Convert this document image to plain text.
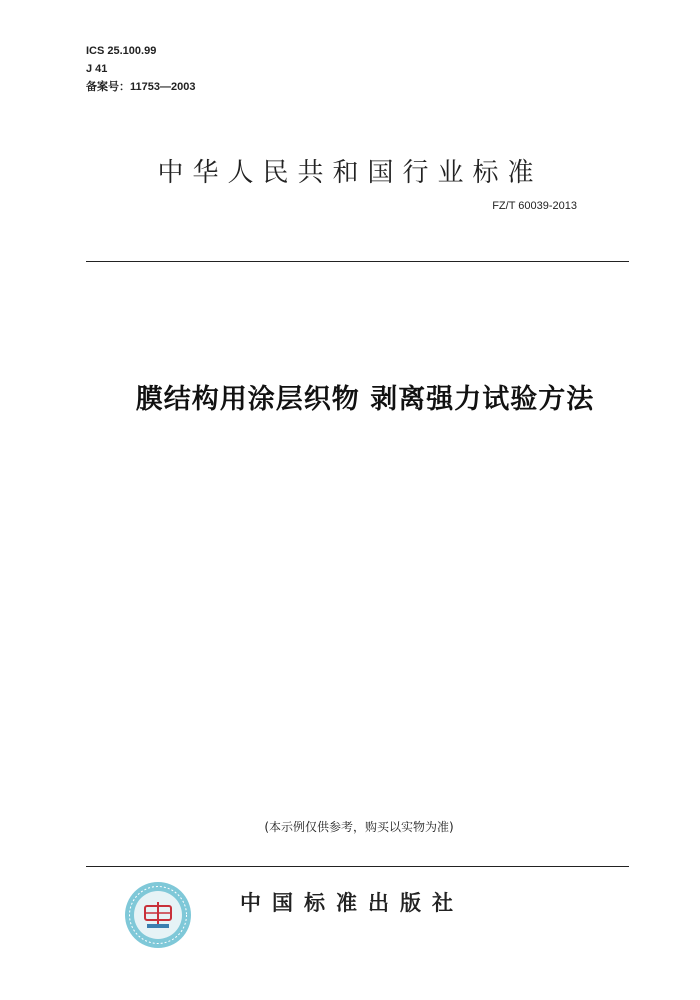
ICS 25.100.99
J 41
备案号：11753—2003
中华人民共和国行业标准
FZ/T 60039-2013
膜结构用涂层织物 剥离强力试验方法
(本示例仅供参考，购买以实物为准)
中国标准出版社
